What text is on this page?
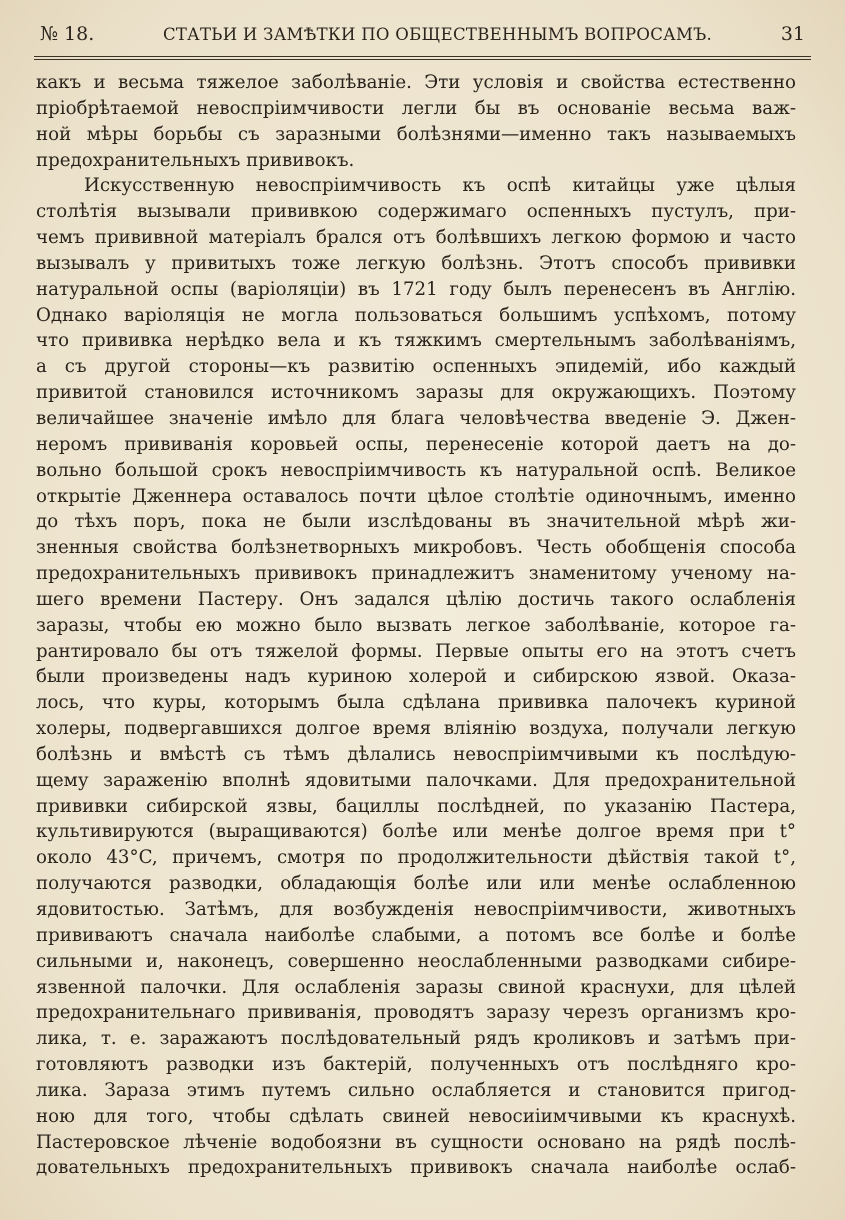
№ 18.	СТАТЬИ И ЗАМѢТКИ ПО ОБЩЕСТВЕННЫМЪ ВОПРОСАМЪ.	31
какъ и весьма тяжелое заболѣваніе. Эти условія и свойства естественно
пріобрѣтаемой невоспріимчивости легли бы въ основаніе весьма важ-
ной мѣры борьбы съ заразными болѣзнями—именно такъ называемыхъ
предохранительныхъ прививокъ.
Искусственную невоспріимчивость къ оспѣ китайцы уже цѣлыя
столѣтія вызывали прививкою содержимаго оспенныхъ пустулъ, при-
чемъ прививной матеріалъ брался отъ болѣвшихъ легкою формою и часто
вызывалъ у привитыхъ тоже легкую болѣзнь. Этотъ способъ прививки
натуральной оспы (варіоляціи) въ 1721 году былъ перенесенъ въ Англію.
Однако варіоляція не могла пользоваться большимъ успѣхомъ, потому
что прививка нерѣдко вела и къ тяжкимъ смертельнымъ заболѣваніямъ,
а съ другой стороны—къ развитію оспенныхъ эпидемій, ибо каждый
привитой становился источникомъ заразы для окружающихъ. Поэтому
величайшее значеніе имѣло для блага человѣчества введеніе Э. Джен-
неромъ прививанія коровьей оспы, перенесеніе которой даетъ на до-
вольно большой срокъ невоспріимчивость къ натуральной оспѣ. Великое
открытіе Дженнера оставалось почти цѣлое столѣтіе одиночнымъ, именно
до тѣхъ поръ, пока не были изслѣдованы въ значительной мѣрѣ жи-
зненныя свойства болѣзнетворныхъ микробовъ. Честь обобщенія способа
предохранительныхъ прививокъ принадлежитъ знаменитому ученому на-
шего времени Пастеру. Онъ задался цѣлію достичь такого ослабленія
заразы, чтобы ею можно было вызвать легкое заболѣваніе, которое га-
рантировало бы отъ тяжелой формы. Первые опыты его на этотъ счетъ
были произведены надъ куриною холерой и сибирскою язвой. Оказа-
лось, что куры, которымъ была сдѣлана прививка палочекъ куриной
холеры, подвергавшихся долгое время вліянію воздуха, получали легкую
болѣзнь и вмѣстѣ съ тѣмъ дѣлались невоспріимчивыми къ послѣдую-
щему зараженію вполнѣ ядовитыми палочками. Для предохранительной
прививки сибирской язвы, бациллы послѣдней, по указанію Пастера,
культивируются (выращиваются) болѣе или менѣе долгое время при t°
около 43°C, причемъ, смотря по продолжительности дѣйствія такой t°,
получаются разводки, обладающія болѣе или или менѣе ослабленною
ядовитостью. Затѣмъ, для возбужденія невоспріимчивости, животныхъ
прививаютъ сначала наиболѣе слабыми, а потомъ все болѣе и болѣе
сильными и, наконецъ, совершенно неослабленными разводками сибире-
язвенной палочки. Для ослабленія заразы свиной краснухи, для цѣлей
предохранительнаго прививанія, проводятъ заразу черезъ организмъ кро-
лика, т. е. заражаютъ послѣдовательный рядъ кроликовъ и затѣмъ при-
готовляютъ разводки изъ бактерій, полученныхъ отъ послѣдняго кро-
лика. Зараза этимъ путемъ сильно ослабляется и становится пригод-
ною для того, чтобы сдѣлать свиней невосиіимчивыми къ краснухѣ.
Пастеровское лѣченіе водобоязни въ сущности основано на рядѣ послѣ-
довательныхъ предохранительныхъ прививокъ сначала наиболѣе ослаб-
